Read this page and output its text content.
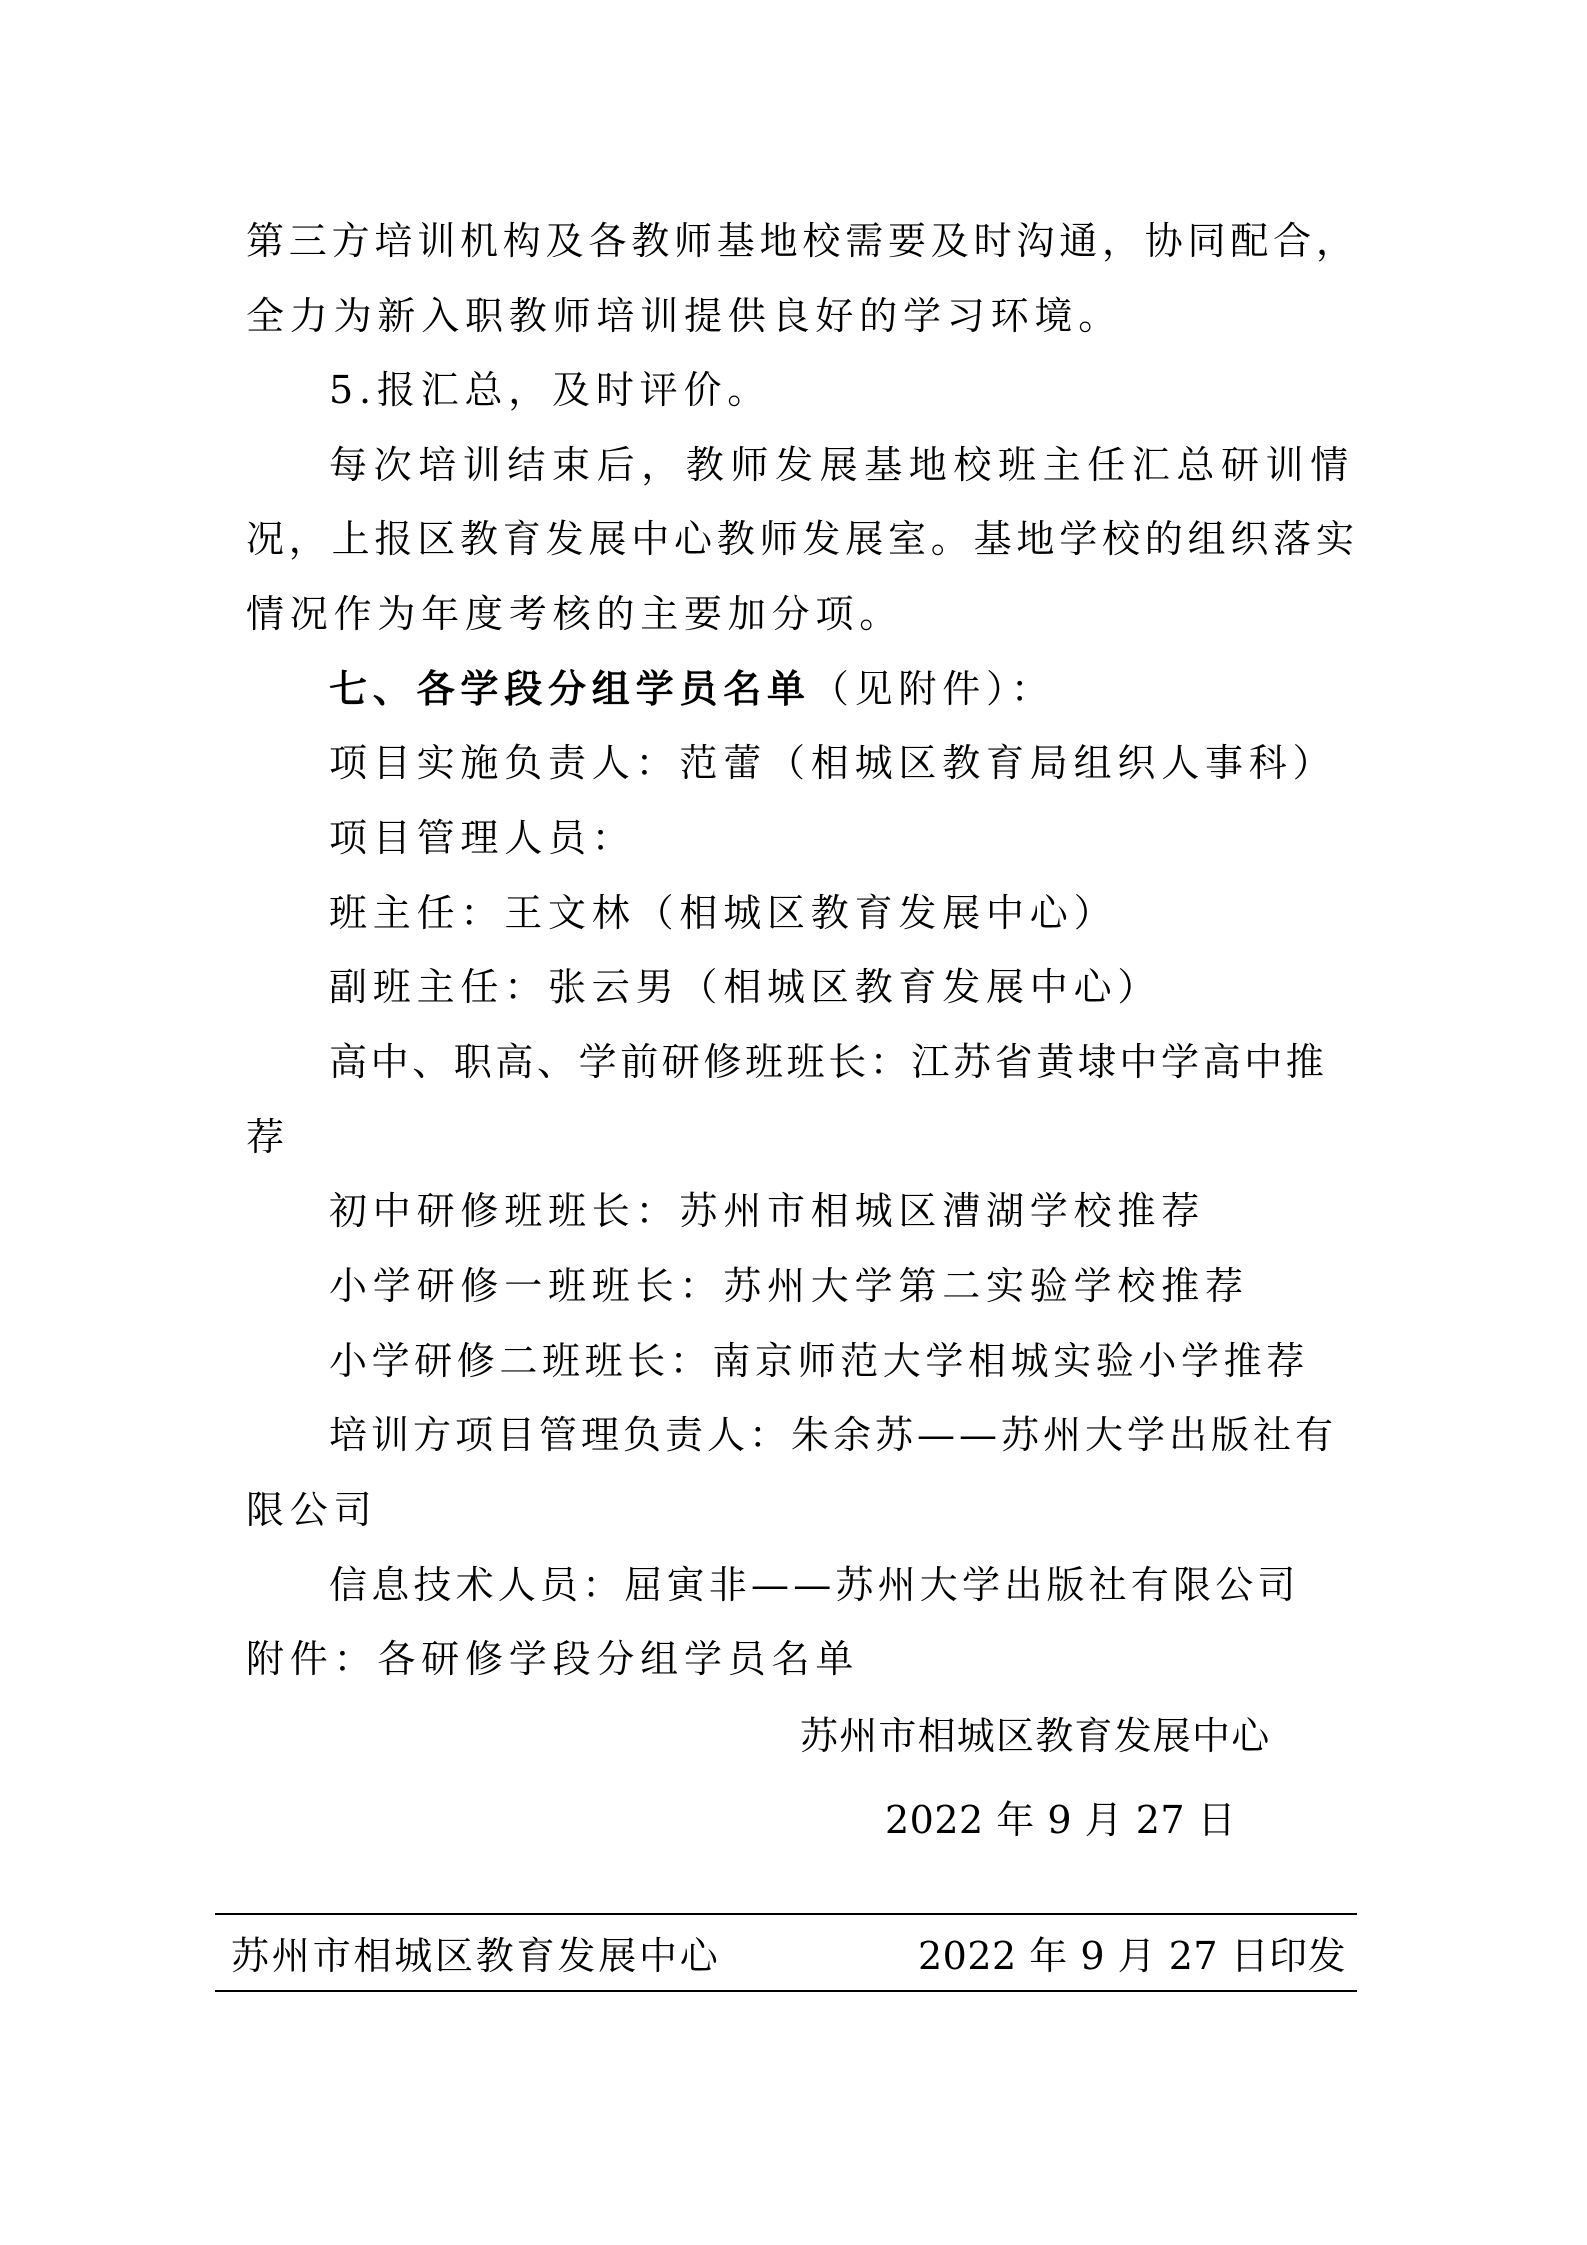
第三方培训机构及各教师基地校需要及时沟通，协同配合，
全力为新入职教师培训提供良好的学习环境。
5.报汇总，及时评价。
每次培训结束后，教师发展基地校班主任汇总研训情
况，上报区教育发展中心教师发展室。基地学校的组织落实
情况作为年度考核的主要加分项。
七、各学段分组学员名单（见附件）：
项目实施负责人：范蕾（相城区教育局组织人事科）
项目管理人员：
班主任：王文林（相城区教育发展中心）
副班主任：张云男（相城区教育发展中心）
高中、职高、学前研修班班长：江苏省黄埭中学高中推
荐
初中研修班班长：苏州市相城区漕湖学校推荐
小学研修一班班长：苏州大学第二实验学校推荐
小学研修二班班长：南京师范大学相城实验小学推荐
培训方项目管理负责人：朱余苏——苏州大学出版社有
限公司
信息技术人员：屈寅非——苏州大学出版社有限公司
附件：各研修学段分组学员名单
苏州市相城区教育发展中心
2022 年 9 月 27 日
苏州市相城区教育发展中心	2022 年 9 月 27 日印发
